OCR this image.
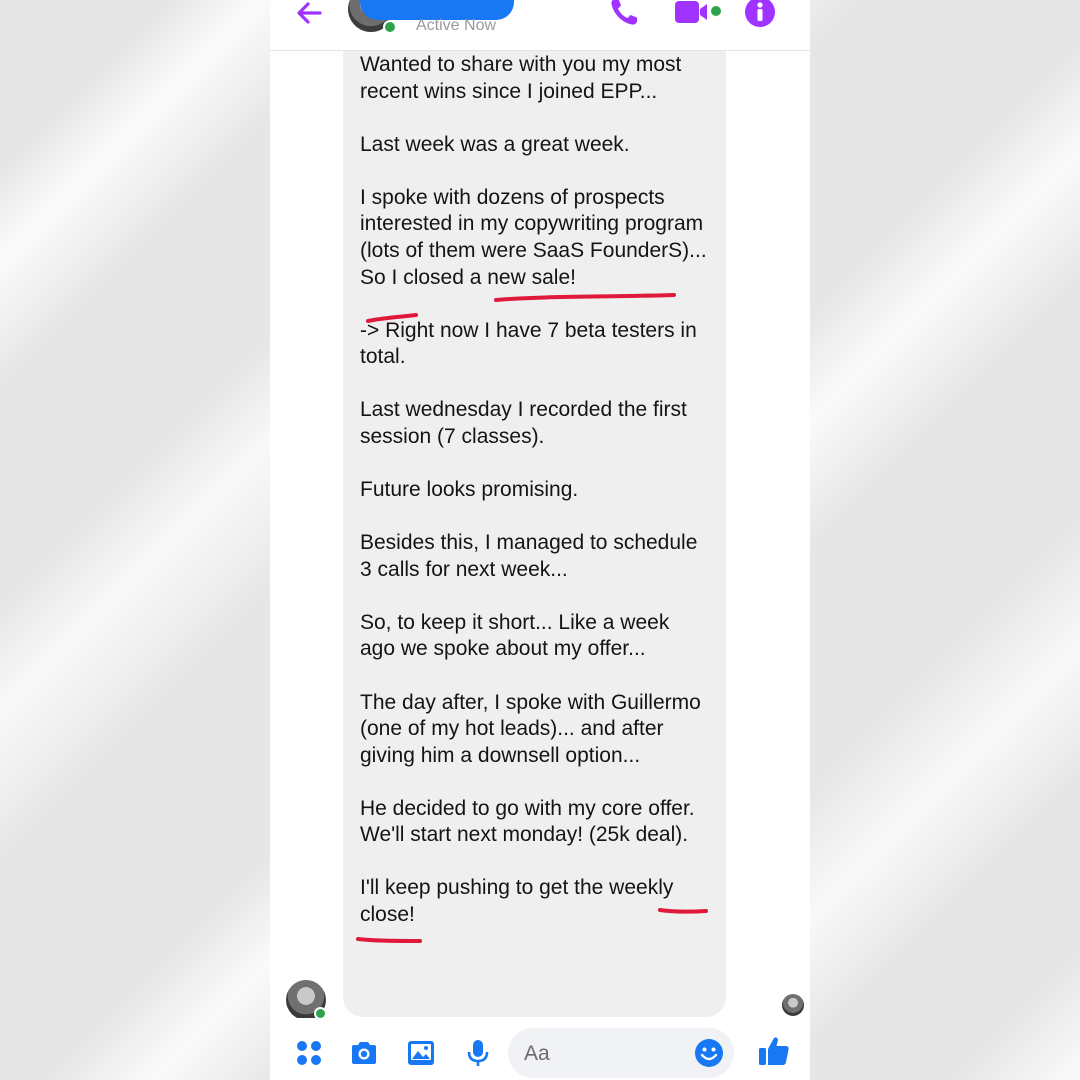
Active Now

Wanted to share with you my most recent wins since I joined EPP...

Last week was a great week.

I spoke with dozens of prospects interested in my copywriting program (lots of them were SaaS FounderS)... So I closed a new sale!

-> Right now I have 7 beta testers in total.

Last wednesday I recorded the first session (7 classes).

Future looks promising.

Besides this, I managed to schedule 3 calls for next week...

So, to keep it short... Like a week ago we spoke about my offer...

The day after, I spoke with Guillermo (one of my hot leads)... and after giving him a downsell option...

He decided to go with my core offer. We'll start next monday! (25k deal).

I'll keep pushing to get the weekly close!

Aa
